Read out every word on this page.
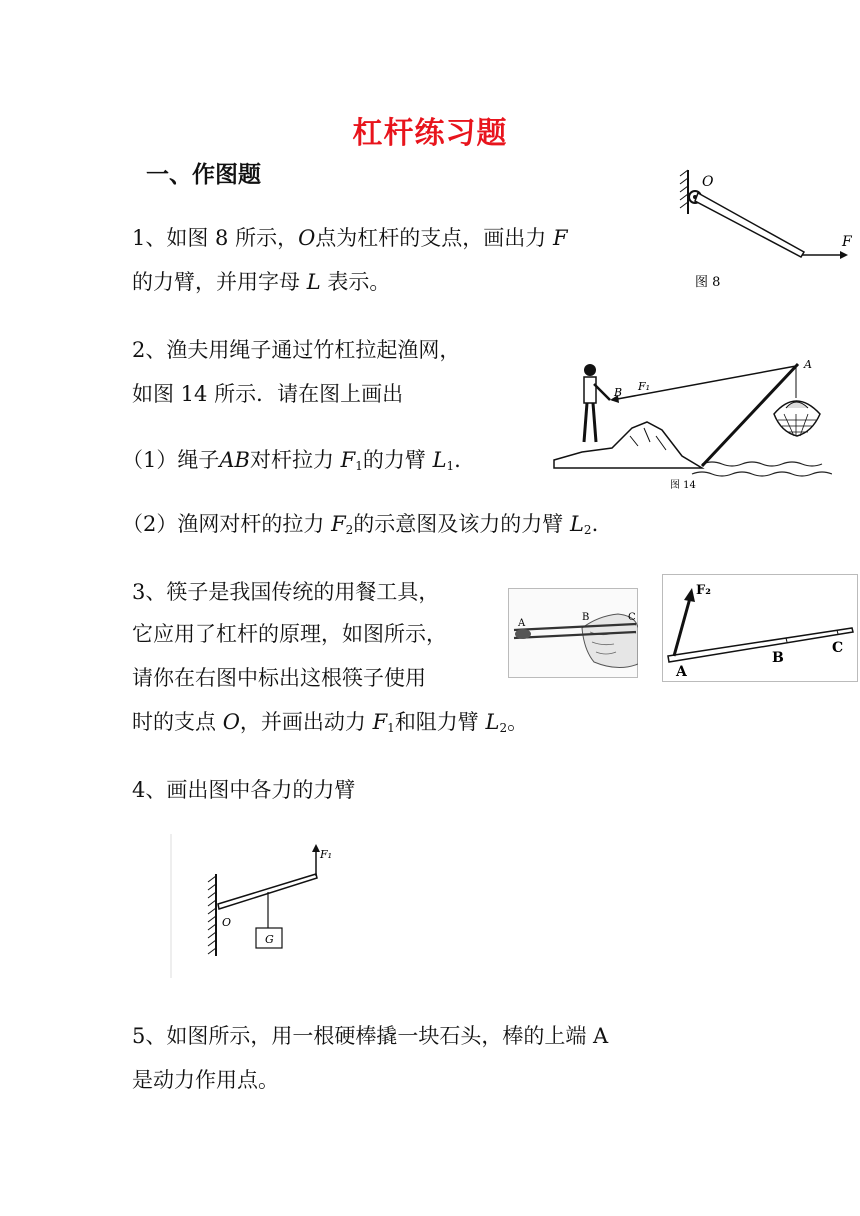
杠杆练习题
一、作图题
1、如图 8 所示，O点为杠杆的支点，画出力 F
的力臂，并用字母 L 表示。
O
F
图 8
2、渔夫用绳子通过竹杠拉起渔网，
如图 14 所示．请在图上画出
（1）绳子AB对杆拉力 $F_1$的力臂 $L_1$.
（2）渔网对杆的拉力 $F_2$的示意图及该力的力臂 $L_2$.
B
A
F₁
图 14
3、筷子是我国传统的用餐工具，
它应用了杠杆的原理，如图所示，
请你在右图中标出这根筷子使用
时的支点 O，并画出动力 $F_1$和阻力臂 $L_2$。
A
B	C
F₂
A
B
C
4、画出图中各力的力臂
F₁
O
G
5、如图所示，用一根硬棒撬一块石头，棒的上端 A
是动力作用点。
